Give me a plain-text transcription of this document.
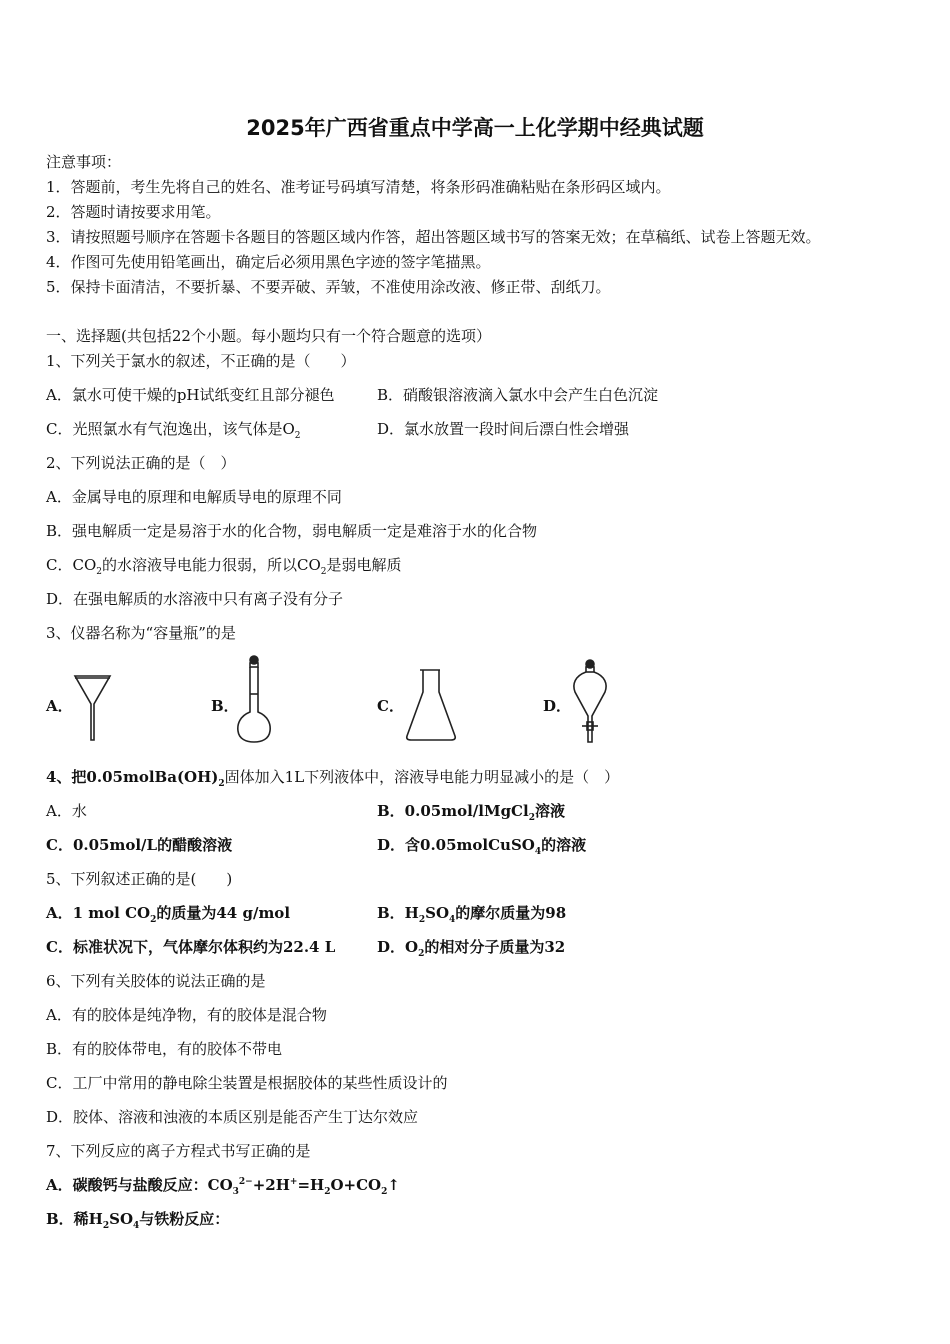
2025年广西省重点中学高一上化学期中经典试题
注意事项：
1．答题前，考生先将自己的姓名、准考证号码填写清楚，将条形码准确粘贴在条形码区域内。
2．答题时请按要求用笔。
3．请按照题号顺序在答题卡各题目的答题区域内作答，超出答题区域书写的答案无效；在草稿纸、试卷上答题无效。
4．作图可先使用铅笔画出，确定后必须用黑色字迹的签字笔描黑。
5．保持卡面清洁，不要折暴、不要弄破、弄皱，不准使用涂改液、修正带、刮纸刀。
一、选择题(共包括22个小题。每小题均只有一个符合题意的选项）
1、下列关于氯水的叙述，不正确的是（　　）
A．氯水可使干燥的pH试纸变红且部分褪色	B．硝酸银溶液滴入氯水中会产生白色沉淀
C．光照氯水有气泡逸出，该气体是$O_2$	D．氯水放置一段时间后漂白性会增强
2、下列说法正确的是（　）
A．金属导电的原理和电解质导电的原理不同
B．强电解质一定是易溶于水的化合物，弱电解质一定是难溶于水的化合物
C．$CO_2$的水溶液导电能力很弱，所以$CO_2$是弱电解质
D．在强电解质的水溶液中只有离子没有分子
3、仪器名称为“容量瓶”的是
A．	B．	C．	D．
4、把$0.05molBa(OH)_2$固体加入1L下列液体中，溶液导电能力明显减小的是（　）
A．水	B．0.05mol/lMgCl$_2$溶液
C．0.05mol/L的醋酸溶液	D．含0.05molCuSO$_4$的溶液
5、下列叙述正确的是(　　)
A．1 mol $CO_2$的质量为44 g/mol	B．$H_2SO_4$的摩尔质量为98
C．标准状况下，气体摩尔体积约为22.4 L	D．$O_2$的相对分子质量为32
6、下列有关胶体的说法正确的是
A．有的胶体是纯净物，有的胶体是混合物
B．有的胶体带电，有的胶体不带电
C．工厂中常用的静电除尘装置是根据胶体的某些性质设计的
D．胶体、溶液和浊液的本质区别是能否产生丁达尔效应
7、下列反应的离子方程式书写正确的是
A．碳酸钙与盐酸反应：$CO_3^{2-}+2H^+=H_2O+CO_2↑$
B．稀$H_2SO_4$与铁粉反应：
